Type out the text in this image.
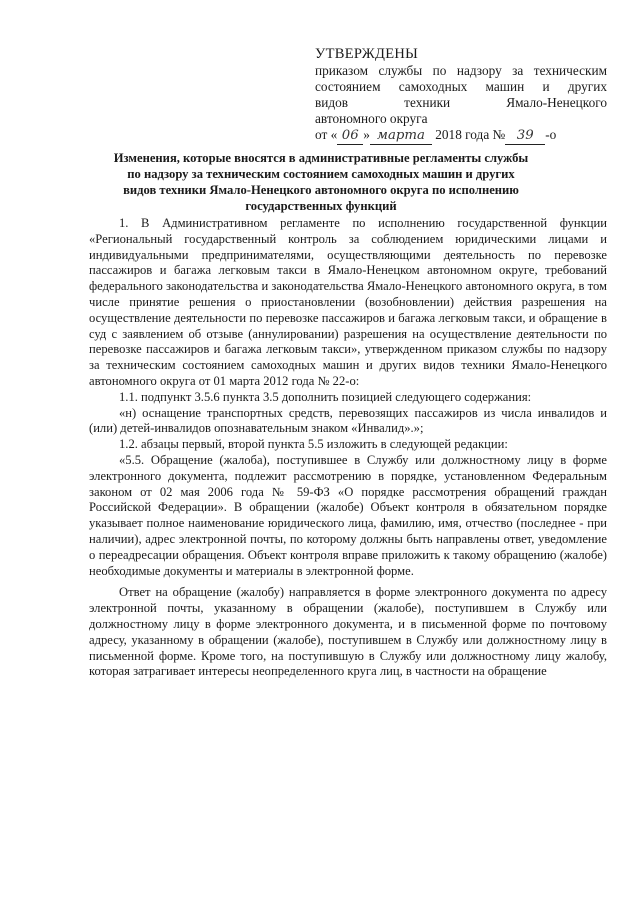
УТВЕРЖДЕНЫ
приказом службы по надзору за техническим
состоянием самоходных машин и других
видов техники Ямало-Ненецкого
автономного округа
от « 06 » марта 2018 года № 39 -о
Изменения, которые вносятся в административные регламенты службы по надзору за техническим состоянием самоходных машин и других видов техники Ямало-Ненецкого автономного округа по исполнению государственных функций

1. В Административном регламенте по исполнению государственной функции «Региональный государственный контроль за соблюдением юридическими лицами и индивидуальными предпринимателями, осуществляющими деятельность по перевозке пассажиров и багажа легковым такси в Ямало-Ненецком автономном округе, требований федерального законодательства и законодательства Ямало-Ненецкого автономного округа, в том числе принятие решения о приостановлении (возобновлении) действия разрешения на осуществление деятельности по перевозке пассажиров и багажа легковым такси, и обращение в суд с заявлением об отзыве (аннулировании) разрешения на осуществление деятельности по перевозке пассажиров и багажа легковым такси», утвержденном приказом службы по надзору за техническим состоянием самоходных машин и других видов техники Ямало-Ненецкого автономного округа от 01 марта 2012 года № 22-о:

1.1. подпункт 3.5.6 пункта 3.5 дополнить позицией следующего содержания:

«н) оснащение транспортных средств, перевозящих пассажиров из числа инвалидов и (или) детей-инвалидов опознавательным знаком «Инвалид».»;

1.2. абзацы первый, второй пункта 5.5 изложить в следующей редакции:

«5.5. Обращение (жалоба), поступившее в Службу или должностному лицу в форме электронного документа, подлежит рассмотрению в порядке, установленном Федеральным законом от 02 мая 2006 года № 59-ФЗ «О порядке рассмотрения обращений граждан Российской Федерации». В обращении (жалобе) Объект контроля в обязательном порядке указывает полное наименование юридического лица, фамилию, имя, отчество (последнее - при наличии), адрес электронной почты, по которому должны быть направлены ответ, уведомление о переадресации обращения. Объект контроля вправе приложить к такому обращению (жалобе) необходимые документы и материалы в электронной форме.

Ответ на обращение (жалобу) направляется в форме электронного документа по адресу электронной почты, указанному в обращении (жалобе), поступившем в Службу или должностному лицу в форме электронного документа, и в письменной форме по почтовому адресу, указанному в обращении (жалобе), поступившем в Службу или должностному лицу в письменной форме. Кроме того, на поступившую в Службу или должностному лицу жалобу, которая затрагивает интересы неопределенного круга лиц, в частности на обращение
